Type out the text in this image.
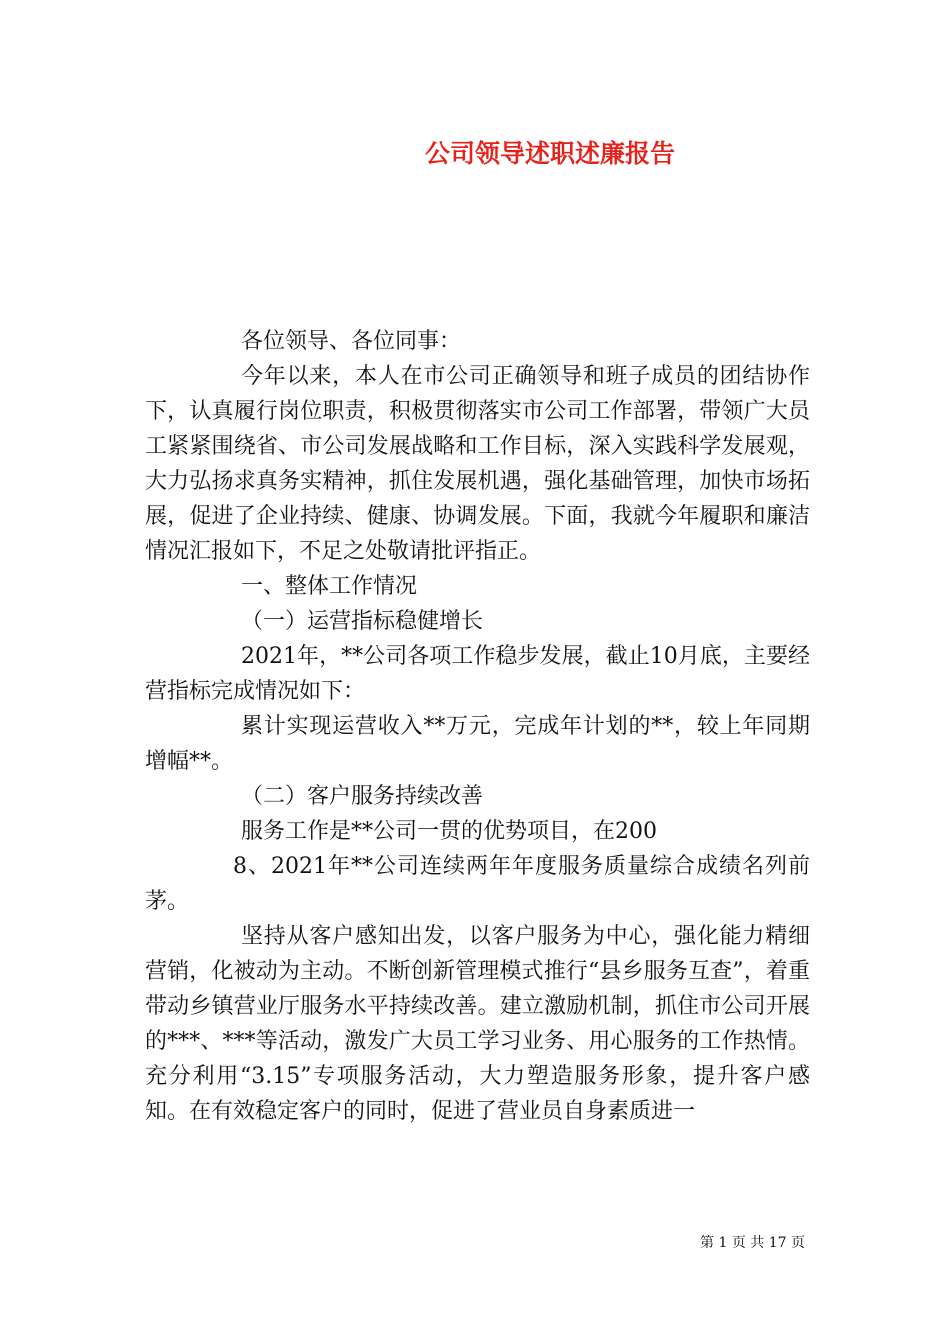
公司领导述职述廉报告

各位领导、各位同事：

今年以来，本人在市公司正确领导和班子成员的团结协作下，认真履行岗位职责，积极贯彻落实市公司工作部署，带领广大员工紧紧围绕省、市公司发展战略和工作目标，深入实践科学发展观，大力弘扬求真务实精神，抓住发展机遇，强化基础管理，加快市场拓展，促进了企业持续、健康、协调发展。下面，我就今年履职和廉洁情况汇报如下，不足之处敬请批评指正。

一、整体工作情况

（一）运营指标稳健增长

2021年，**公司各项工作稳步发展，截止10月底，主要经营指标完成情况如下：

累计实现运营收入**万元，完成年计划的**，较上年同期增幅**。

（二）客户服务持续改善

服务工作是**公司一贯的优势项目，在200

8、2021年**公司连续两年年度服务质量综合成绩名列前茅。

坚持从客户感知出发，以客户服务为中心，强化能力精细营销，化被动为主动。不断创新管理模式推行“县乡服务互查”，着重带动乡镇营业厅服务水平持续改善。建立激励机制，抓住市公司开展的***、***等活动，激发广大员工学习业务、用心服务的工作热情。充分利用“3.15”专项服务活动，大力塑造服务形象，提升客户感知。在有效稳定客户的同时，促进了营业员自身素质进一

第 1 页 共 17 页
